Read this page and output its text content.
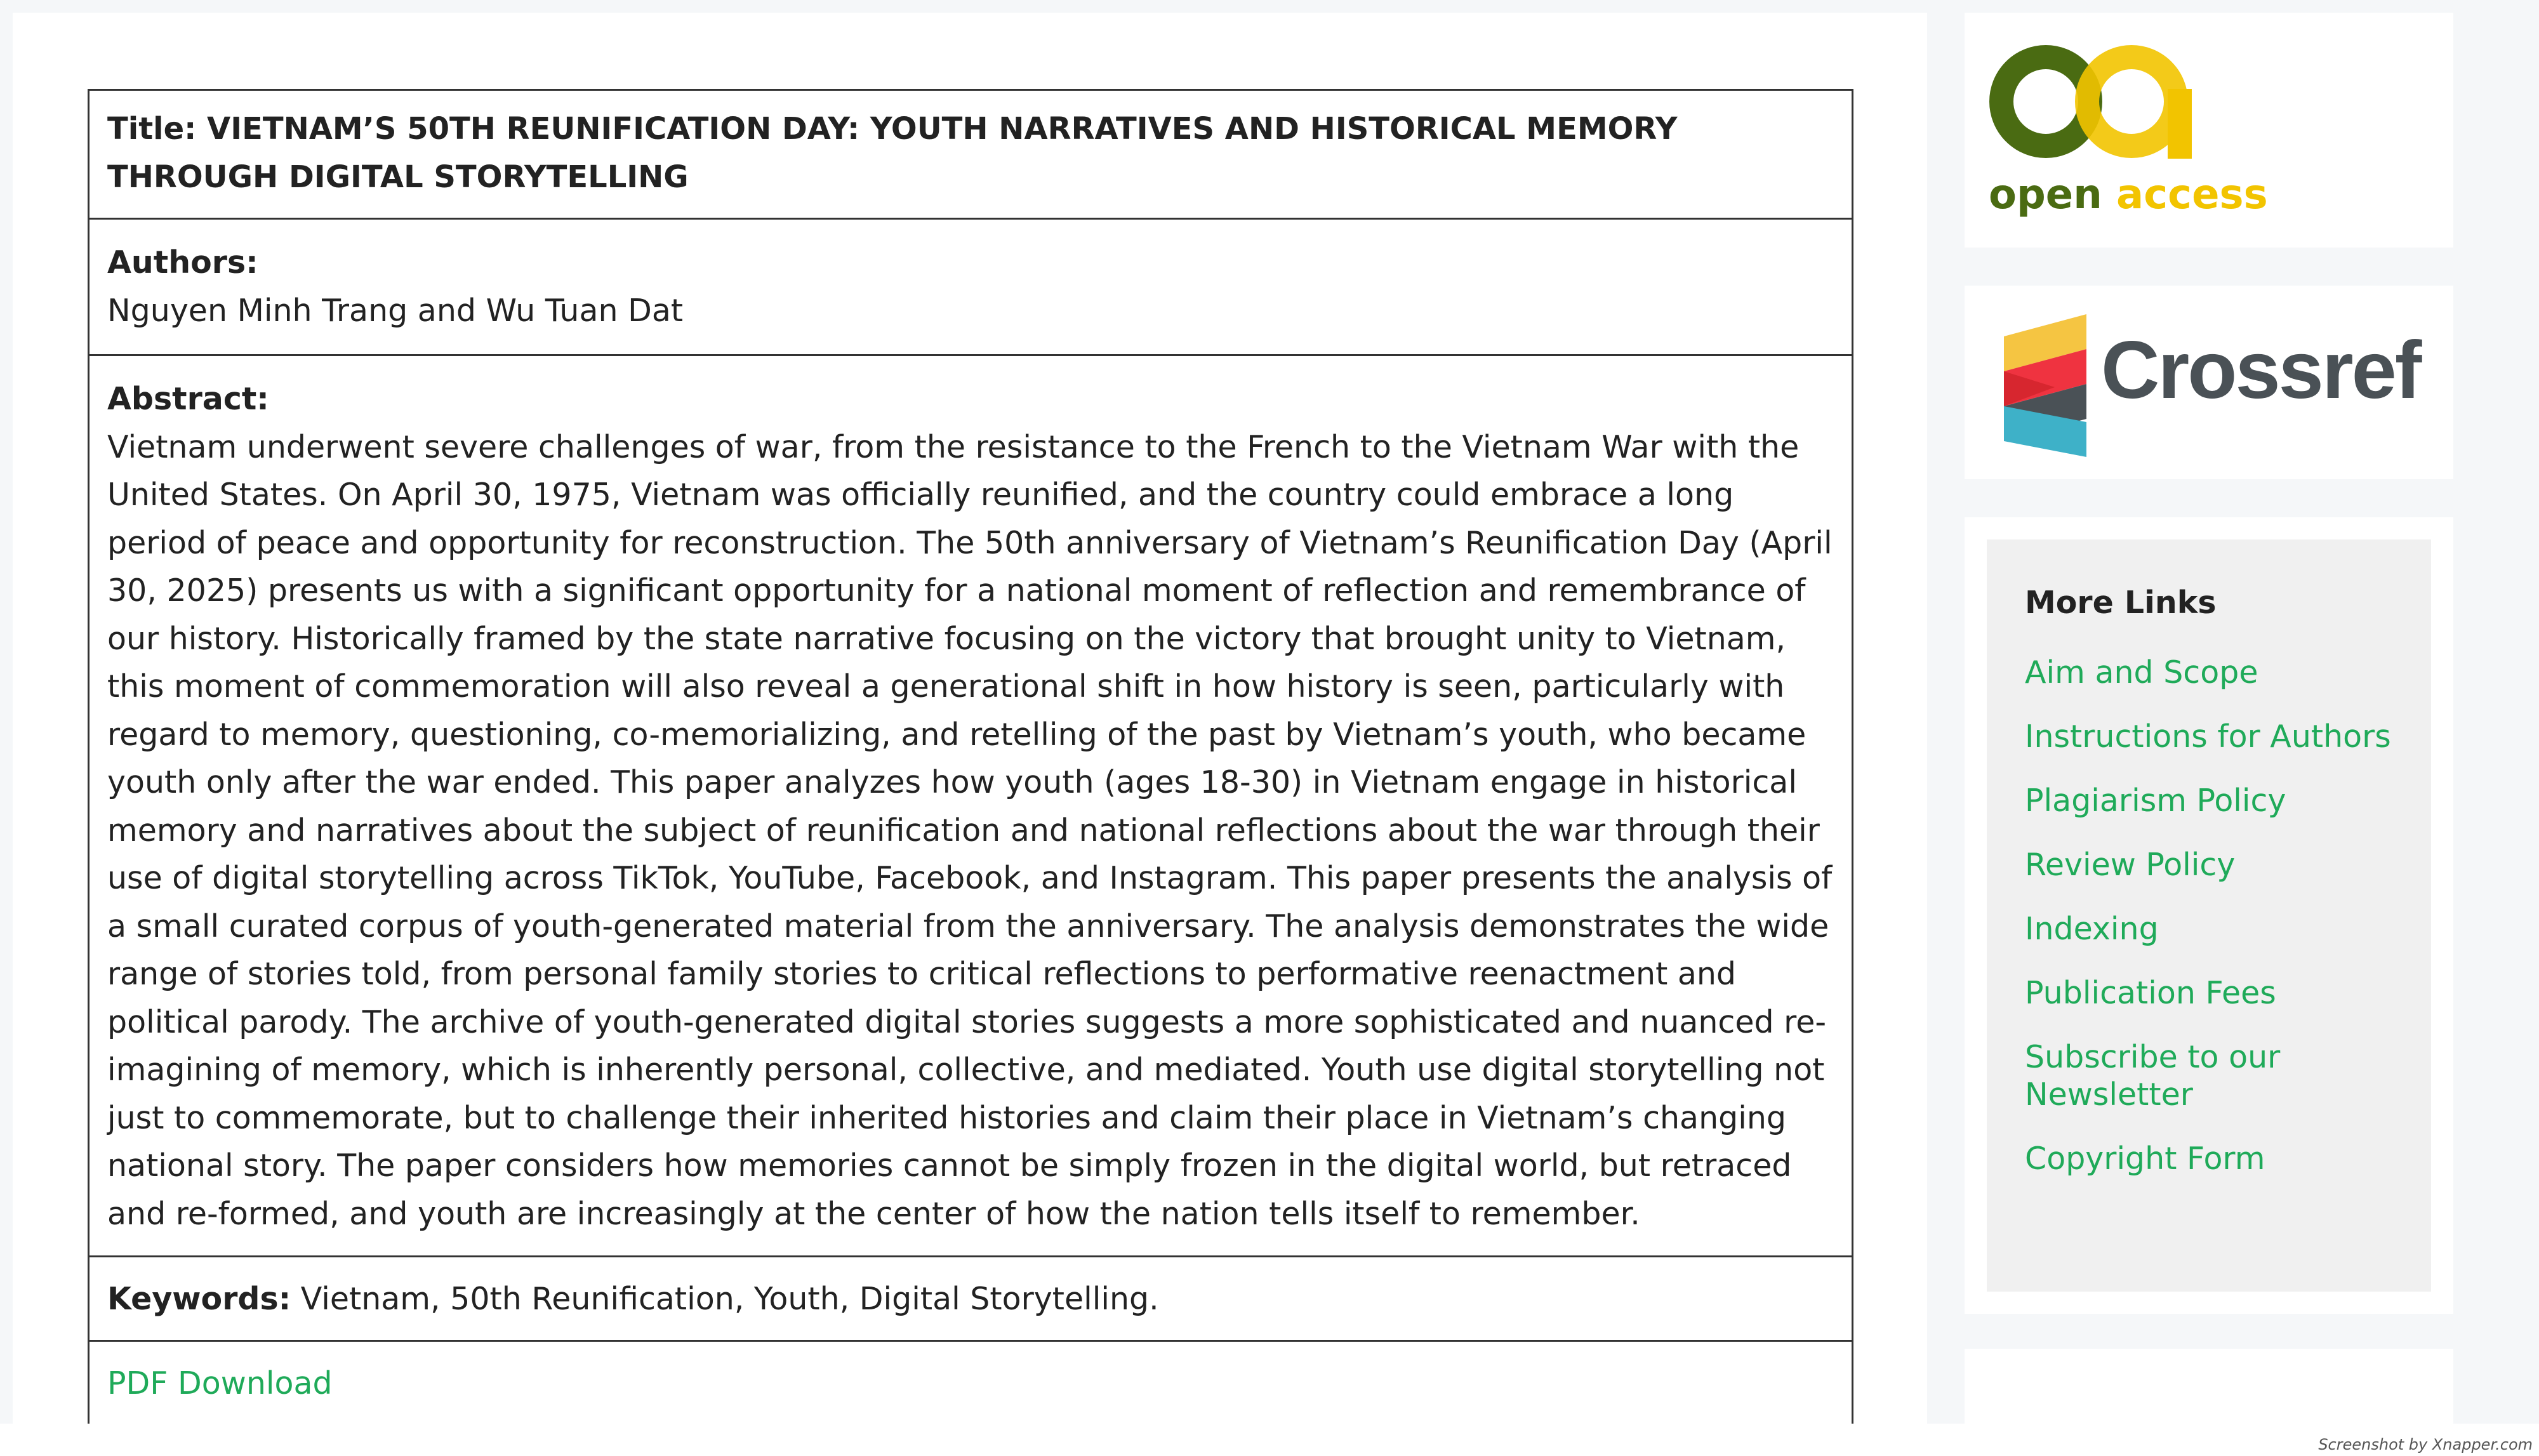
Title: VIETNAM’S 50TH REUNIFICATION DAY: YOUTH NARRATIVES AND HISTORICAL MEMORY THROUGH DIGITAL STORYTELLING
Authors:
Nguyen Minh Trang and Wu Tuan Dat
Abstract:
Vietnam underwent severe challenges of war, from the resistance to the French to the Vietnam War with the United States. On April 30, 1975, Vietnam was officially reunified, and the country could embrace a long period of peace and opportunity for reconstruction. The 50th anniversary of Vietnam’s Reunification Day (April 30, 2025) presents us with a significant opportunity for a national moment of reflection and remembrance of our history. Historically framed by the state narrative focusing on the victory that brought unity to Vietnam, this moment of commemoration will also reveal a generational shift in how history is seen, particularly with regard to memory, questioning, co-memorializing, and retelling of the past by Vietnam’s youth, who became youth only after the war ended. This paper analyzes how youth (ages 18-30) in Vietnam engage in historical memory and narratives about the subject of reunification and national reflections about the war through their use of digital storytelling across TikTok, YouTube, Facebook, and Instagram. This paper presents the analysis of a small curated corpus of youth-generated material from the anniversary. The analysis demonstrates the wide range of stories told, from personal family stories to critical reflections to performative reenactment and political parody. The archive of youth-generated digital stories suggests a more sophisticated and nuanced re-imagining of memory, which is inherently personal, collective, and mediated. Youth use digital storytelling not just to commemorate, but to challenge their inherited histories and claim their place in Vietnam’s changing national story. The paper considers how memories cannot be simply frozen in the digital world, but retraced and re-formed, and youth are increasingly at the center of how the nation tells itself to remember.
Keywords: Vietnam, 50th Reunification, Youth, Digital Storytelling.
PDF Download
open access
Crossref
More Links
Aim and Scope
Instructions for Authors
Plagiarism Policy
Review Policy
Indexing
Publication Fees
Subscribe to our Newsletter
Copyright Form
Screenshot by Xnapper.com
